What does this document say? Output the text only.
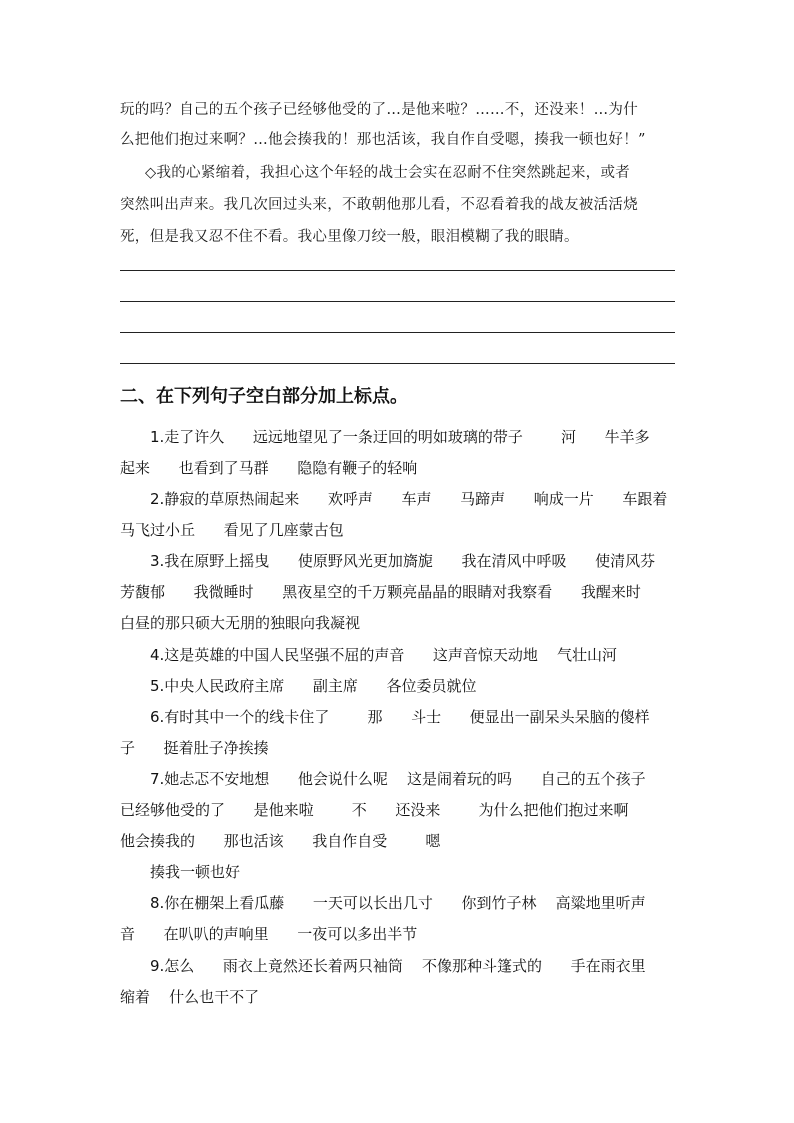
玩的吗？自己的五个孩子已经够他受的了…是他来啦？……不，还没来！…为什
么把他们抱过来啊？…他会揍我的！那也活该，我自作自受嗯，揍我一顿也好！”
◇我的心紧缩着，我担心这个年轻的战士会实在忍耐不住突然跳起来，或者
突然叫出声来。我几次回过头来，不敢朝他那儿看，不忍看着我的战友被活活烧
死，但是我又忍不住不看。我心里像刀绞一般，眼泪模糊了我的眼睛。
二、在下列句子空白部分加上标点。
1.走了许久      远远地望见了一条迂回的明如玻璃的带子        河      牛羊多
起来      也看到了马群      隐隐有鞭子的轻响
2.静寂的草原热闹起来      欢呼声      车声      马蹄声      响成一片      车跟着
马飞过小丘      看见了几座蒙古包
3.我在原野上摇曳      使原野风光更加旖旎      我在清风中呼吸      使清风芬
芳馥郁      我微睡时      黑夜星空的千万颗亮晶晶的眼睛对我察看      我醒来时
白昼的那只硕大无朋的独眼向我凝视
4.这是英雄的中国人民坚强不屈的声音      这声音惊天动地    气壮山河
5.中央人民政府主席      副主席      各位委员就位
6.有时其中一个的线卡住了        那      斗士      便显出一副呆头呆脑的傻样
子      挺着肚子净挨揍
7.她忐忑不安地想      他会说什么呢    这是闹着玩的吗      自己的五个孩子
已经够他受的了      是他来啦        不      还没来        为什么把他们抱过来啊
他会揍我的      那也活该      我自作自受        嗯
揍我一顿也好
8.你在棚架上看瓜藤      一天可以长出几寸      你到竹子林    高粱地里听声
音      在叭叭的声响里      一夜可以多出半节
9.怎么      雨衣上竟然还长着两只袖筒    不像那种斗篷式的      手在雨衣里
缩着    什么也干不了
